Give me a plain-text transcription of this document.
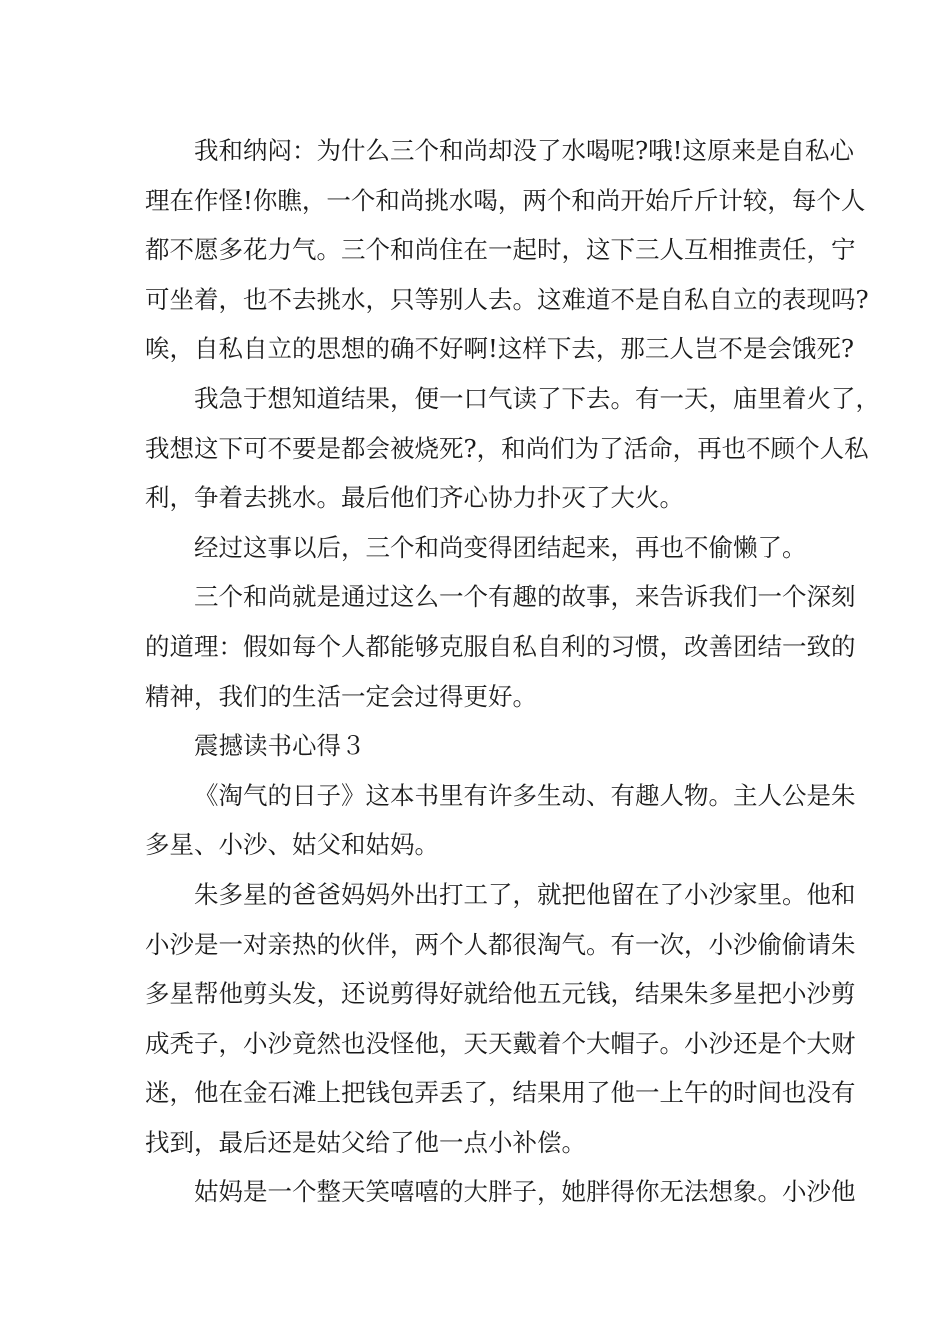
我和纳闷：为什么三个和尚却没了水喝呢?哦!这原来是自私心
理在作怪!你瞧，一个和尚挑水喝，两个和尚开始斤斤计较，每个人
都不愿多花力气。三个和尚住在一起时，这下三人互相推责任，宁
可坐着，也不去挑水，只等别人去。这难道不是自私自立的表现吗?
唉，自私自立的思想的确不好啊!这样下去，那三人岂不是会饿死?

我急于想知道结果，便一口气读了下去。有一天，庙里着火了，
我想这下可不要是都会被烧死?，和尚们为了活命，再也不顾个人私
利，争着去挑水。最后他们齐心协力扑灭了大火。

经过这事以后，三个和尚变得团结起来，再也不偷懒了。

三个和尚就是通过这么一个有趣的故事，来告诉我们一个深刻
的道理：假如每个人都能够克服自私自利的习惯，改善团结一致的
精神，我们的生活一定会过得更好。

震撼读书心得３

《淘气的日子》这本书里有许多生动、有趣人物。主人公是朱
多星、小沙、姑父和姑妈。

朱多星的爸爸妈妈外出打工了，就把他留在了小沙家里。他和
小沙是一对亲热的伙伴，两个人都很淘气。有一次，小沙偷偷请朱
多星帮他剪头发，还说剪得好就给他五元钱，结果朱多星把小沙剪
成秃子，小沙竟然也没怪他，天天戴着个大帽子。小沙还是个大财
迷，他在金石滩上把钱包弄丢了，结果用了他一上午的时间也没有
找到，最后还是姑父给了他一点小补偿。

姑妈是一个整天笑嘻嘻的大胖子，她胖得你无法想象。小沙他
